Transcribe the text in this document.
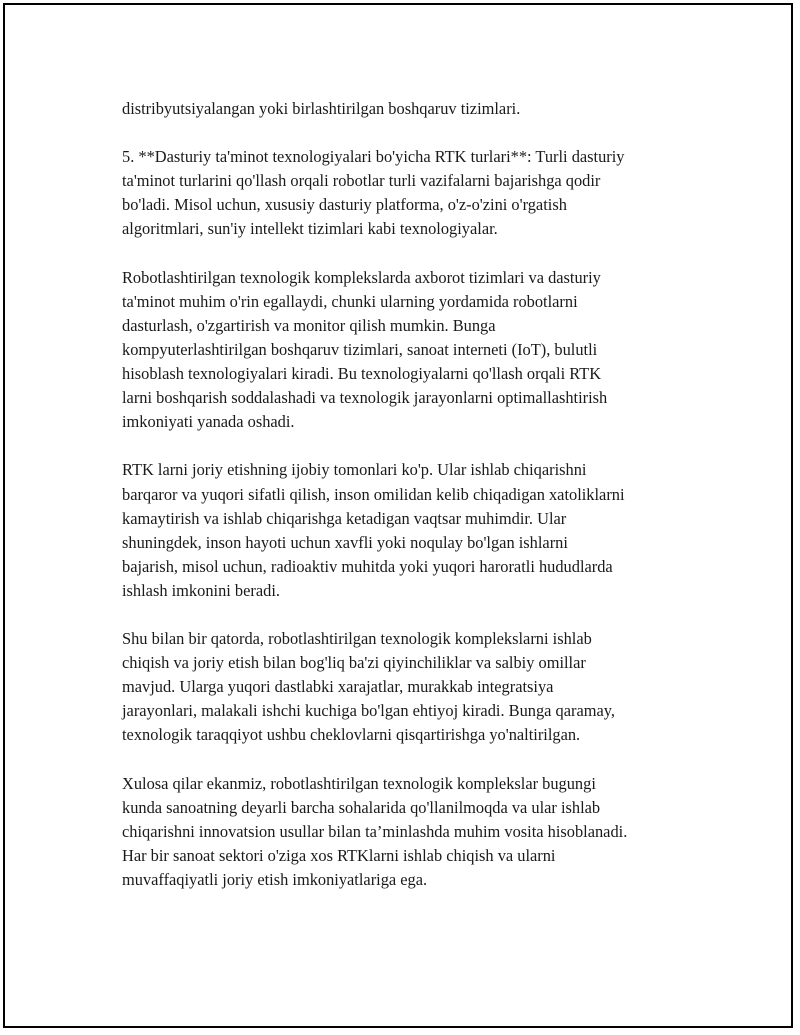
distribyutsiyalangan yoki birlashtirilgan boshqaruv tizimlari.

5. **Dasturiy ta'minot texnologiyalari bo'yicha RTK turlari**: Turli dasturiy
ta'minot turlarini qo'llash orqali robotlar turli vazifalarni bajarishga qodir
bo'ladi. Misol uchun, xususiy dasturiy platforma, o'z-o'zini o'rgatish
algoritmlari, sun'iy intellekt tizimlari kabi texnologiyalar.

Robotlashtirilgan texnologik komplekslarda axborot tizimlari va dasturiy
ta'minot muhim o'rin egallaydi, chunki ularning yordamida robotlarni
dasturlash, o'zgartirish va monitor qilish mumkin. Bunga
kompyuterlashtirilgan boshqaruv tizimlari, sanoat interneti (IoT), bulutli
hisoblash texnologiyalari kiradi. Bu texnologiyalarni qo'llash orqali RTK
larni boshqarish soddalashadi va texnologik jarayonlarni optimallashtirish
imkoniyati yanada oshadi.

RTK larni joriy etishning ijobiy tomonlari ko'p. Ular ishlab chiqarishni
barqaror va yuqori sifatli qilish, inson omilidan kelib chiqadigan xatoliklarni
kamaytirish va ishlab chiqarishga ketadigan vaqtsar muhimdir. Ular
shuningdek, inson hayoti uchun xavfli yoki noqulay bo'lgan ishlarni
bajarish, misol uchun, radioaktiv muhitda yoki yuqori haroratli hududlarda
ishlash imkonini beradi.

Shu bilan bir qatorda, robotlashtirilgan texnologik komplekslarni ishlab
chiqish va joriy etish bilan bog'liq ba'zi qiyinchiliklar va salbiy omillar
mavjud. Ularga yuqori dastlabki xarajatlar, murakkab integratsiya
jarayonlari, malakali ishchi kuchiga bo'lgan ehtiyoj kiradi. Bunga qaramay,
texnologik taraqqiyot ushbu cheklovlarni qisqartirishga yo'naltirilgan.

Xulosa qilar ekanmiz, robotlashtirilgan texnologik komplekslar bugungi
kunda sanoatning deyarli barcha sohalarida qo'llanilmoqda va ular ishlab
chiqarishni innovatsion usullar bilan ta’minlashda muhim vosita hisoblanadi.
Har bir sanoat sektori o'ziga xos RTKlarni ishlab chiqish va ularni
muvaffaqiyatli joriy etish imkoniyatlariga ega.
